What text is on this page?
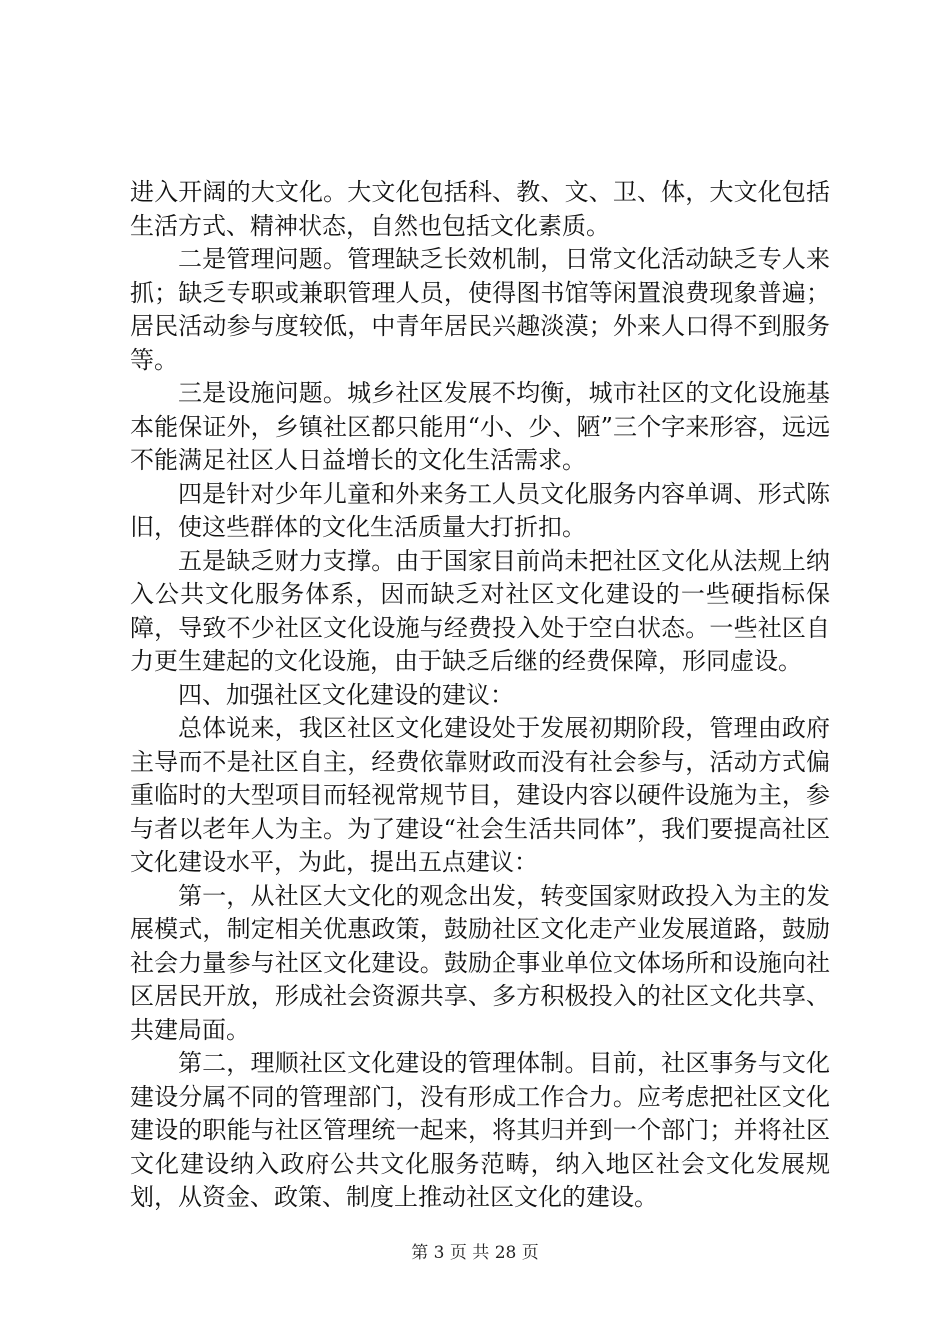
进入开阔的大文化。大文化包括科、教、文、卫、体，大文化包括生活方式、精神状态，自然也包括文化素质。

二是管理问题。管理缺乏长效机制，日常文化活动缺乏专人来抓；缺乏专职或兼职管理人员，使得图书馆等闲置浪费现象普遍；居民活动参与度较低，中青年居民兴趣淡漠；外来人口得不到服务等。

三是设施问题。城乡社区发展不均衡，城市社区的文化设施基本能保证外，乡镇社区都只能用“小、少、陋”三个字来形容，远远不能满足社区人日益增长的文化生活需求。

四是针对少年儿童和外来务工人员文化服务内容单调、形式陈旧，使这些群体的文化生活质量大打折扣。

五是缺乏财力支撑。由于国家目前尚未把社区文化从法规上纳入公共文化服务体系，因而缺乏对社区文化建设的一些硬指标保障，导致不少社区文化设施与经费投入处于空白状态。一些社区自力更生建起的文化设施，由于缺乏后继的经费保障，形同虚设。

四、加强社区文化建设的建议：

总体说来，我区社区文化建设处于发展初期阶段，管理由政府主导而不是社区自主，经费依靠财政而没有社会参与，活动方式偏重临时的大型项目而轻视常规节目，建设内容以硬件设施为主，参与者以老年人为主。为了建设“社会生活共同体”，我们要提高社区文化建设水平，为此，提出五点建议：

第一，从社区大文化的观念出发，转变国家财政投入为主的发展模式，制定相关优惠政策，鼓励社区文化走产业发展道路，鼓励社会力量参与社区文化建设。鼓励企事业单位文体场所和设施向社区居民开放，形成社会资源共享、多方积极投入的社区文化共享、共建局面。

第二，理顺社区文化建设的管理体制。目前，社区事务与文化建设分属不同的管理部门，没有形成工作合力。应考虑把社区文化建设的职能与社区管理统一起来，将其归并到一个部门；并将社区文化建设纳入政府公共文化服务范畴，纳入地区社会文化发展规划，从资金、政策、制度上推动社区文化的建设。

第 3 页 共 28 页
